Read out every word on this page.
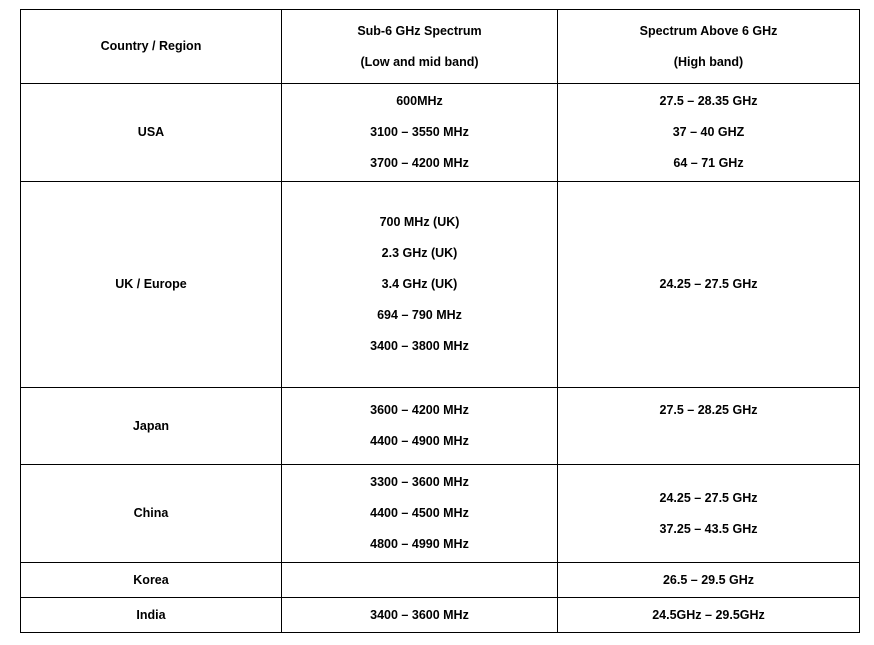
Country / Region	Sub-6 GHz Spectrum
(Low and mid band)	Spectrum Above 6 GHz
(High band)

USA	600MHz
3100 – 3550 MHz
3700 – 4200 MHz	27.5 – 28.35 GHz
37 – 40 GHZ
64 – 71 GHz

UK / Europe	700 MHz (UK)
2.3 GHz (UK)
3.4 GHz (UK)
694 – 790 MHz
3400 – 3800 MHz	24.25 – 27.5 GHz

Japan	3600 – 4200 MHz
4400 – 4900 MHz	27.5 – 28.25 GHz

China	3300 – 3600 MHz
4400 – 4500 MHz
4800 – 4990 MHz	24.25 – 27.5 GHz
37.25 – 43.5 GHz

Korea		26.5 – 29.5 GHz

India	3400 – 3600 MHz	24.5GHz – 29.5GHz
